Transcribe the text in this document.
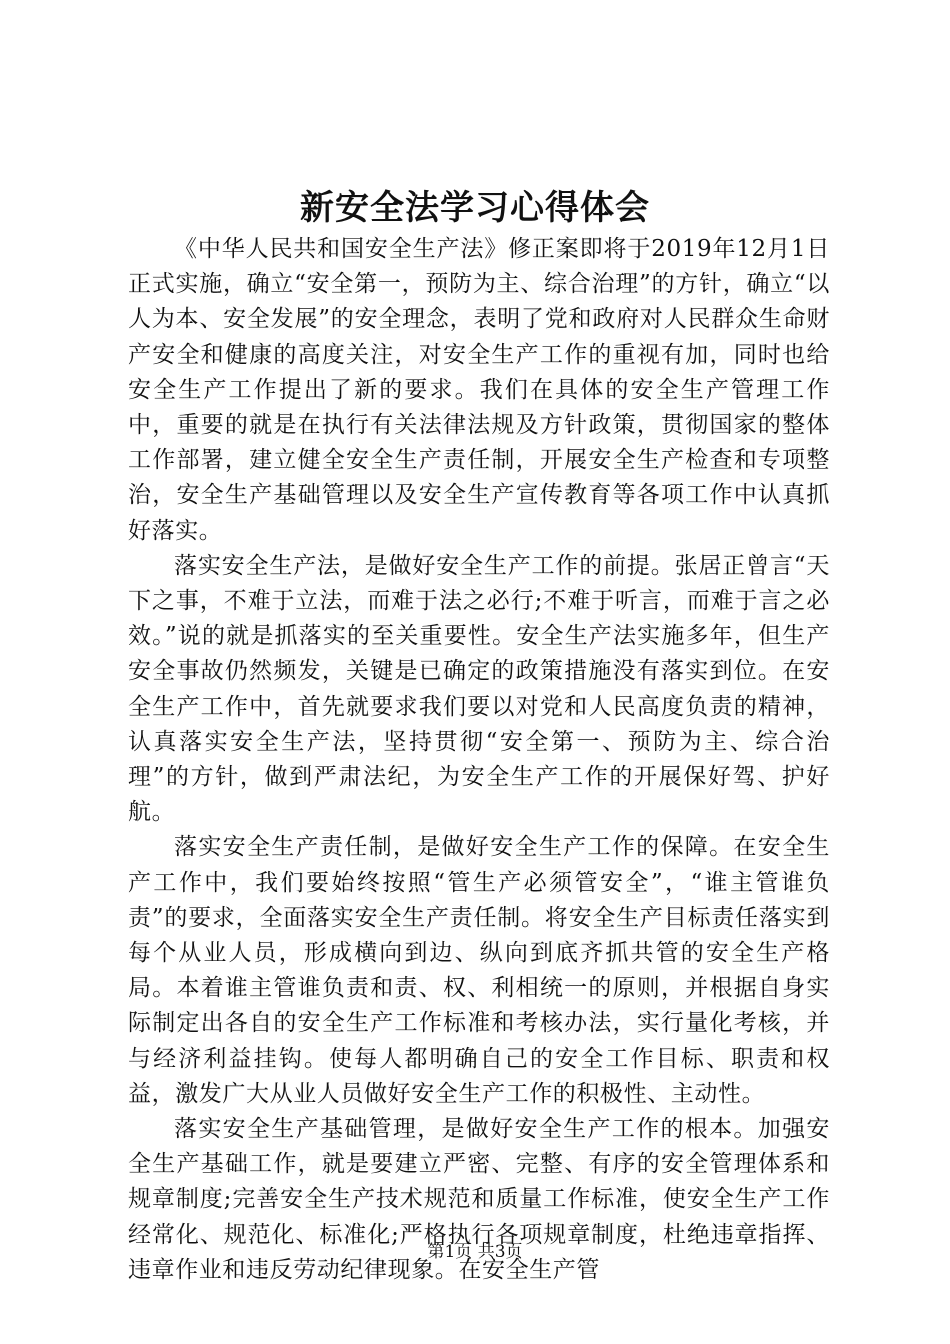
新安全法学习心得体会

《中华人民共和国安全生产法》修正案即将于2019年12月1日正式实施，确立“安全第一，预防为主、综合治理”的方针，确立“以人为本、安全发展”的安全理念，表明了党和政府对人民群众生命财产安全和健康的高度关注，对安全生产工作的重视有加，同时也给安全生产工作提出了新的要求。我们在具体的安全生产管理工作中，重要的就是在执行有关法律法规及方针政策，贯彻国家的整体工作部署，建立健全安全生产责任制，开展安全生产检查和专项整治，安全生产基础管理以及安全生产宣传教育等各项工作中认真抓好落实。

落实安全生产法，是做好安全生产工作的前提。张居正曾言“天下之事，不难于立法，而难于法之必行;不难于听言，而难于言之必效。”说的就是抓落实的至关重要性。安全生产法实施多年，但生产安全事故仍然频发，关键是已确定的政策措施没有落实到位。在安全生产工作中，首先就要求我们要以对党和人民高度负责的精神，认真落实安全生产法，坚持贯彻“安全第一、预防为主、综合治理”的方针，做到严肃法纪，为安全生产工作的开展保好驾、护好航。

落实安全生产责任制，是做好安全生产工作的保障。在安全生产工作中，我们要始终按照“管生产必须管安全”，“谁主管谁负责”的要求，全面落实安全生产责任制。将安全生产目标责任落实到每个从业人员，形成横向到边、纵向到底齐抓共管的安全生产格局。本着谁主管谁负责和责、权、利相统一的原则，并根据自身实际制定出各自的安全生产工作标准和考核办法，实行量化考核，并与经济利益挂钩。使每人都明确自己的安全工作目标、职责和权益，激发广大从业人员做好安全生产工作的积极性、主动性。

落实安全生产基础管理，是做好安全生产工作的根本。加强安全生产基础工作，就是要建立严密、完整、有序的安全管理体系和规章制度;完善安全生产技术规范和质量工作标准，使安全生产工作经常化、规范化、标准化;严格执行各项规章制度，杜绝违章指挥、违章作业和违反劳动纪律现象。在安全生产管

第1页 共3页
